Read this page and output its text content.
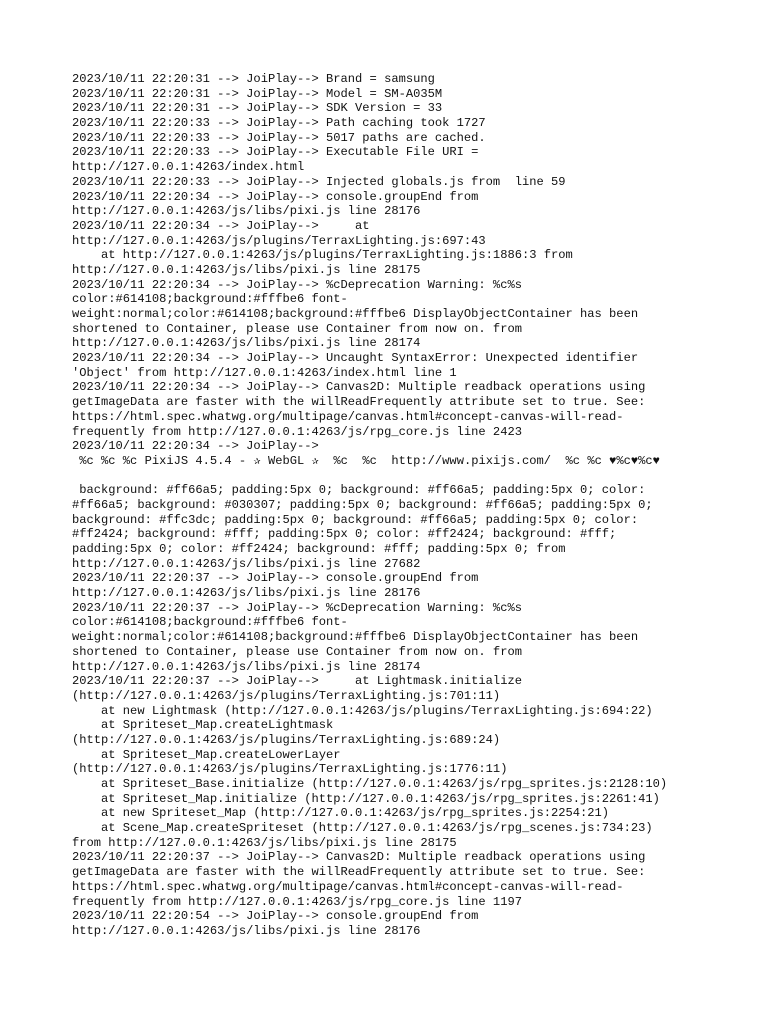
2023/10/11 22:20:31 --> JoiPlay--> Brand = samsung
2023/10/11 22:20:31 --> JoiPlay--> Model = SM-A035M
2023/10/11 22:20:31 --> JoiPlay--> SDK Version = 33
2023/10/11 22:20:33 --> JoiPlay--> Path caching took 1727
2023/10/11 22:20:33 --> JoiPlay--> 5017 paths are cached.
2023/10/11 22:20:33 --> JoiPlay--> Executable File URI =
http://127.0.0.1:4263/index.html
2023/10/11 22:20:33 --> JoiPlay--> Injected globals.js from  line 59
2023/10/11 22:20:34 --> JoiPlay--> console.groupEnd from
http://127.0.0.1:4263/js/libs/pixi.js line 28176
2023/10/11 22:20:34 --> JoiPlay-->     at
http://127.0.0.1:4263/js/plugins/TerraxLighting.js:697:43
at http://127.0.0.1:4263/js/plugins/TerraxLighting.js:1886:3 from
http://127.0.0.1:4263/js/libs/pixi.js line 28175
2023/10/11 22:20:34 --> JoiPlay--> %cDeprecation Warning: %c%s
color:#614108;background:#fffbe6 font-
weight:normal;color:#614108;background:#fffbe6 DisplayObjectContainer has been
shortened to Container, please use Container from now on. from
http://127.0.0.1:4263/js/libs/pixi.js line 28174
2023/10/11 22:20:34 --> JoiPlay--> Uncaught SyntaxError: Unexpected identifier
'Object' from http://127.0.0.1:4263/index.html line 1
2023/10/11 22:20:34 --> JoiPlay--> Canvas2D: Multiple readback operations using
getImageData are faster with the willReadFrequently attribute set to true. See:
https://html.spec.whatwg.org/multipage/canvas.html#concept-canvas-will-read-
frequently from http://127.0.0.1:4263/js/rpg_core.js line 2423
2023/10/11 22:20:34 --> JoiPlay-->
%c %c %c PixiJS 4.5.4 - ✰ WebGL ✰  %c  %c  http://www.pixijs.com/  %c %c ♥%c♥%c♥
background: #ff66a5; padding:5px 0; background: #ff66a5; padding:5px 0; color:
#ff66a5; background: #030307; padding:5px 0; background: #ff66a5; padding:5px 0;
background: #ffc3dc; padding:5px 0; background: #ff66a5; padding:5px 0; color:
#ff2424; background: #fff; padding:5px 0; color: #ff2424; background: #fff;
padding:5px 0; color: #ff2424; background: #fff; padding:5px 0; from
http://127.0.0.1:4263/js/libs/pixi.js line 27682
2023/10/11 22:20:37 --> JoiPlay--> console.groupEnd from
http://127.0.0.1:4263/js/libs/pixi.js line 28176
2023/10/11 22:20:37 --> JoiPlay--> %cDeprecation Warning: %c%s
color:#614108;background:#fffbe6 font-
weight:normal;color:#614108;background:#fffbe6 DisplayObjectContainer has been
shortened to Container, please use Container from now on. from
http://127.0.0.1:4263/js/libs/pixi.js line 28174
2023/10/11 22:20:37 --> JoiPlay-->     at Lightmask.initialize
(http://127.0.0.1:4263/js/plugins/TerraxLighting.js:701:11)
at new Lightmask (http://127.0.0.1:4263/js/plugins/TerraxLighting.js:694:22)
at Spriteset_Map.createLightmask
(http://127.0.0.1:4263/js/plugins/TerraxLighting.js:689:24)
at Spriteset_Map.createLowerLayer
(http://127.0.0.1:4263/js/plugins/TerraxLighting.js:1776:11)
at Spriteset_Base.initialize (http://127.0.0.1:4263/js/rpg_sprites.js:2128:10)
at Spriteset_Map.initialize (http://127.0.0.1:4263/js/rpg_sprites.js:2261:41)
at new Spriteset_Map (http://127.0.0.1:4263/js/rpg_sprites.js:2254:21)
at Scene_Map.createSpriteset (http://127.0.0.1:4263/js/rpg_scenes.js:734:23)
from http://127.0.0.1:4263/js/libs/pixi.js line 28175
2023/10/11 22:20:37 --> JoiPlay--> Canvas2D: Multiple readback operations using
getImageData are faster with the willReadFrequently attribute set to true. See:
https://html.spec.whatwg.org/multipage/canvas.html#concept-canvas-will-read-
frequently from http://127.0.0.1:4263/js/rpg_core.js line 1197
2023/10/11 22:20:54 --> JoiPlay--> console.groupEnd from
http://127.0.0.1:4263/js/libs/pixi.js line 28176
